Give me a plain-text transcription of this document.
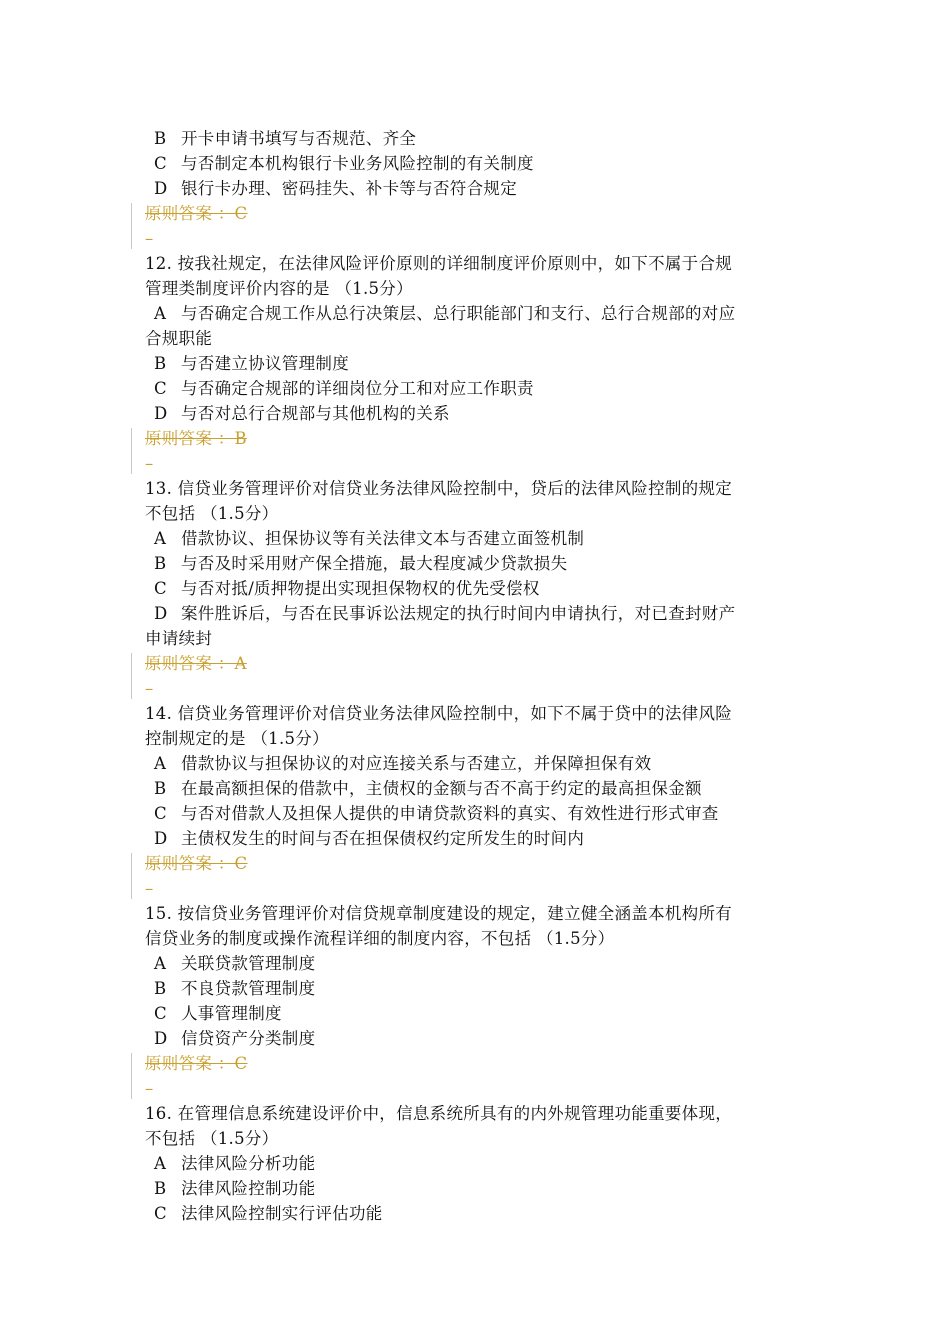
B 开卡申请书填写与否规范、齐全
C 与否制定本机构银行卡业务风险控制的有关制度
D 银行卡办理、密码挂失、补卡等与否符合规定
原则答案 ：C
–
12. 按我社规定，在法律风险评价原则的详细制度评价原则中，如下不属于合规
管理类制度评价内容的是 （1.5分）
A 与否确定合规工作从总行决策层、总行职能部门和支行、总行合规部的对应
合规职能
B 与否建立协议管理制度
C 与否确定合规部的详细岗位分工和对应工作职责
D 与否对总行合规部与其他机构的关系
原则答案 ：B
–
13. 信贷业务管理评价对信贷业务法律风险控制中，贷后的法律风险控制的规定
不包括 （1.5分）
A 借款协议、担保协议等有关法律文本与否建立面签机制
B 与否及时采用财产保全措施，最大程度减少贷款损失
C 与否对抵/质押物提出实现担保物权的优先受偿权
D 案件胜诉后，与否在民事诉讼法规定的执行时间内申请执行，对已查封财产
申请续封
原则答案 ：A
–
14. 信贷业务管理评价对信贷业务法律风险控制中，如下不属于贷中的法律风险
控制规定的是 （1.5分）
A 借款协议与担保协议的对应连接关系与否建立，并保障担保有效
B 在最高额担保的借款中，主债权的金额与否不高于约定的最高担保金额
C 与否对借款人及担保人提供的申请贷款资料的真实、有效性进行形式审查
D 主债权发生的时间与否在担保债权约定所发生的时间内
原则答案 ：C
–
15. 按信贷业务管理评价对信贷规章制度建设的规定，建立健全涵盖本机构所有
信贷业务的制度或操作流程详细的制度内容，不包括 （1.5分）
A 关联贷款管理制度
B 不良贷款管理制度
C 人事管理制度
D 信贷资产分类制度
原则答案 ：C
–
16. 在管理信息系统建设评价中，信息系统所具有的内外规管理功能重要体现，
不包括 （1.5分）
A 法律风险分析功能
B 法律风险控制功能
C 法律风险控制实行评估功能
